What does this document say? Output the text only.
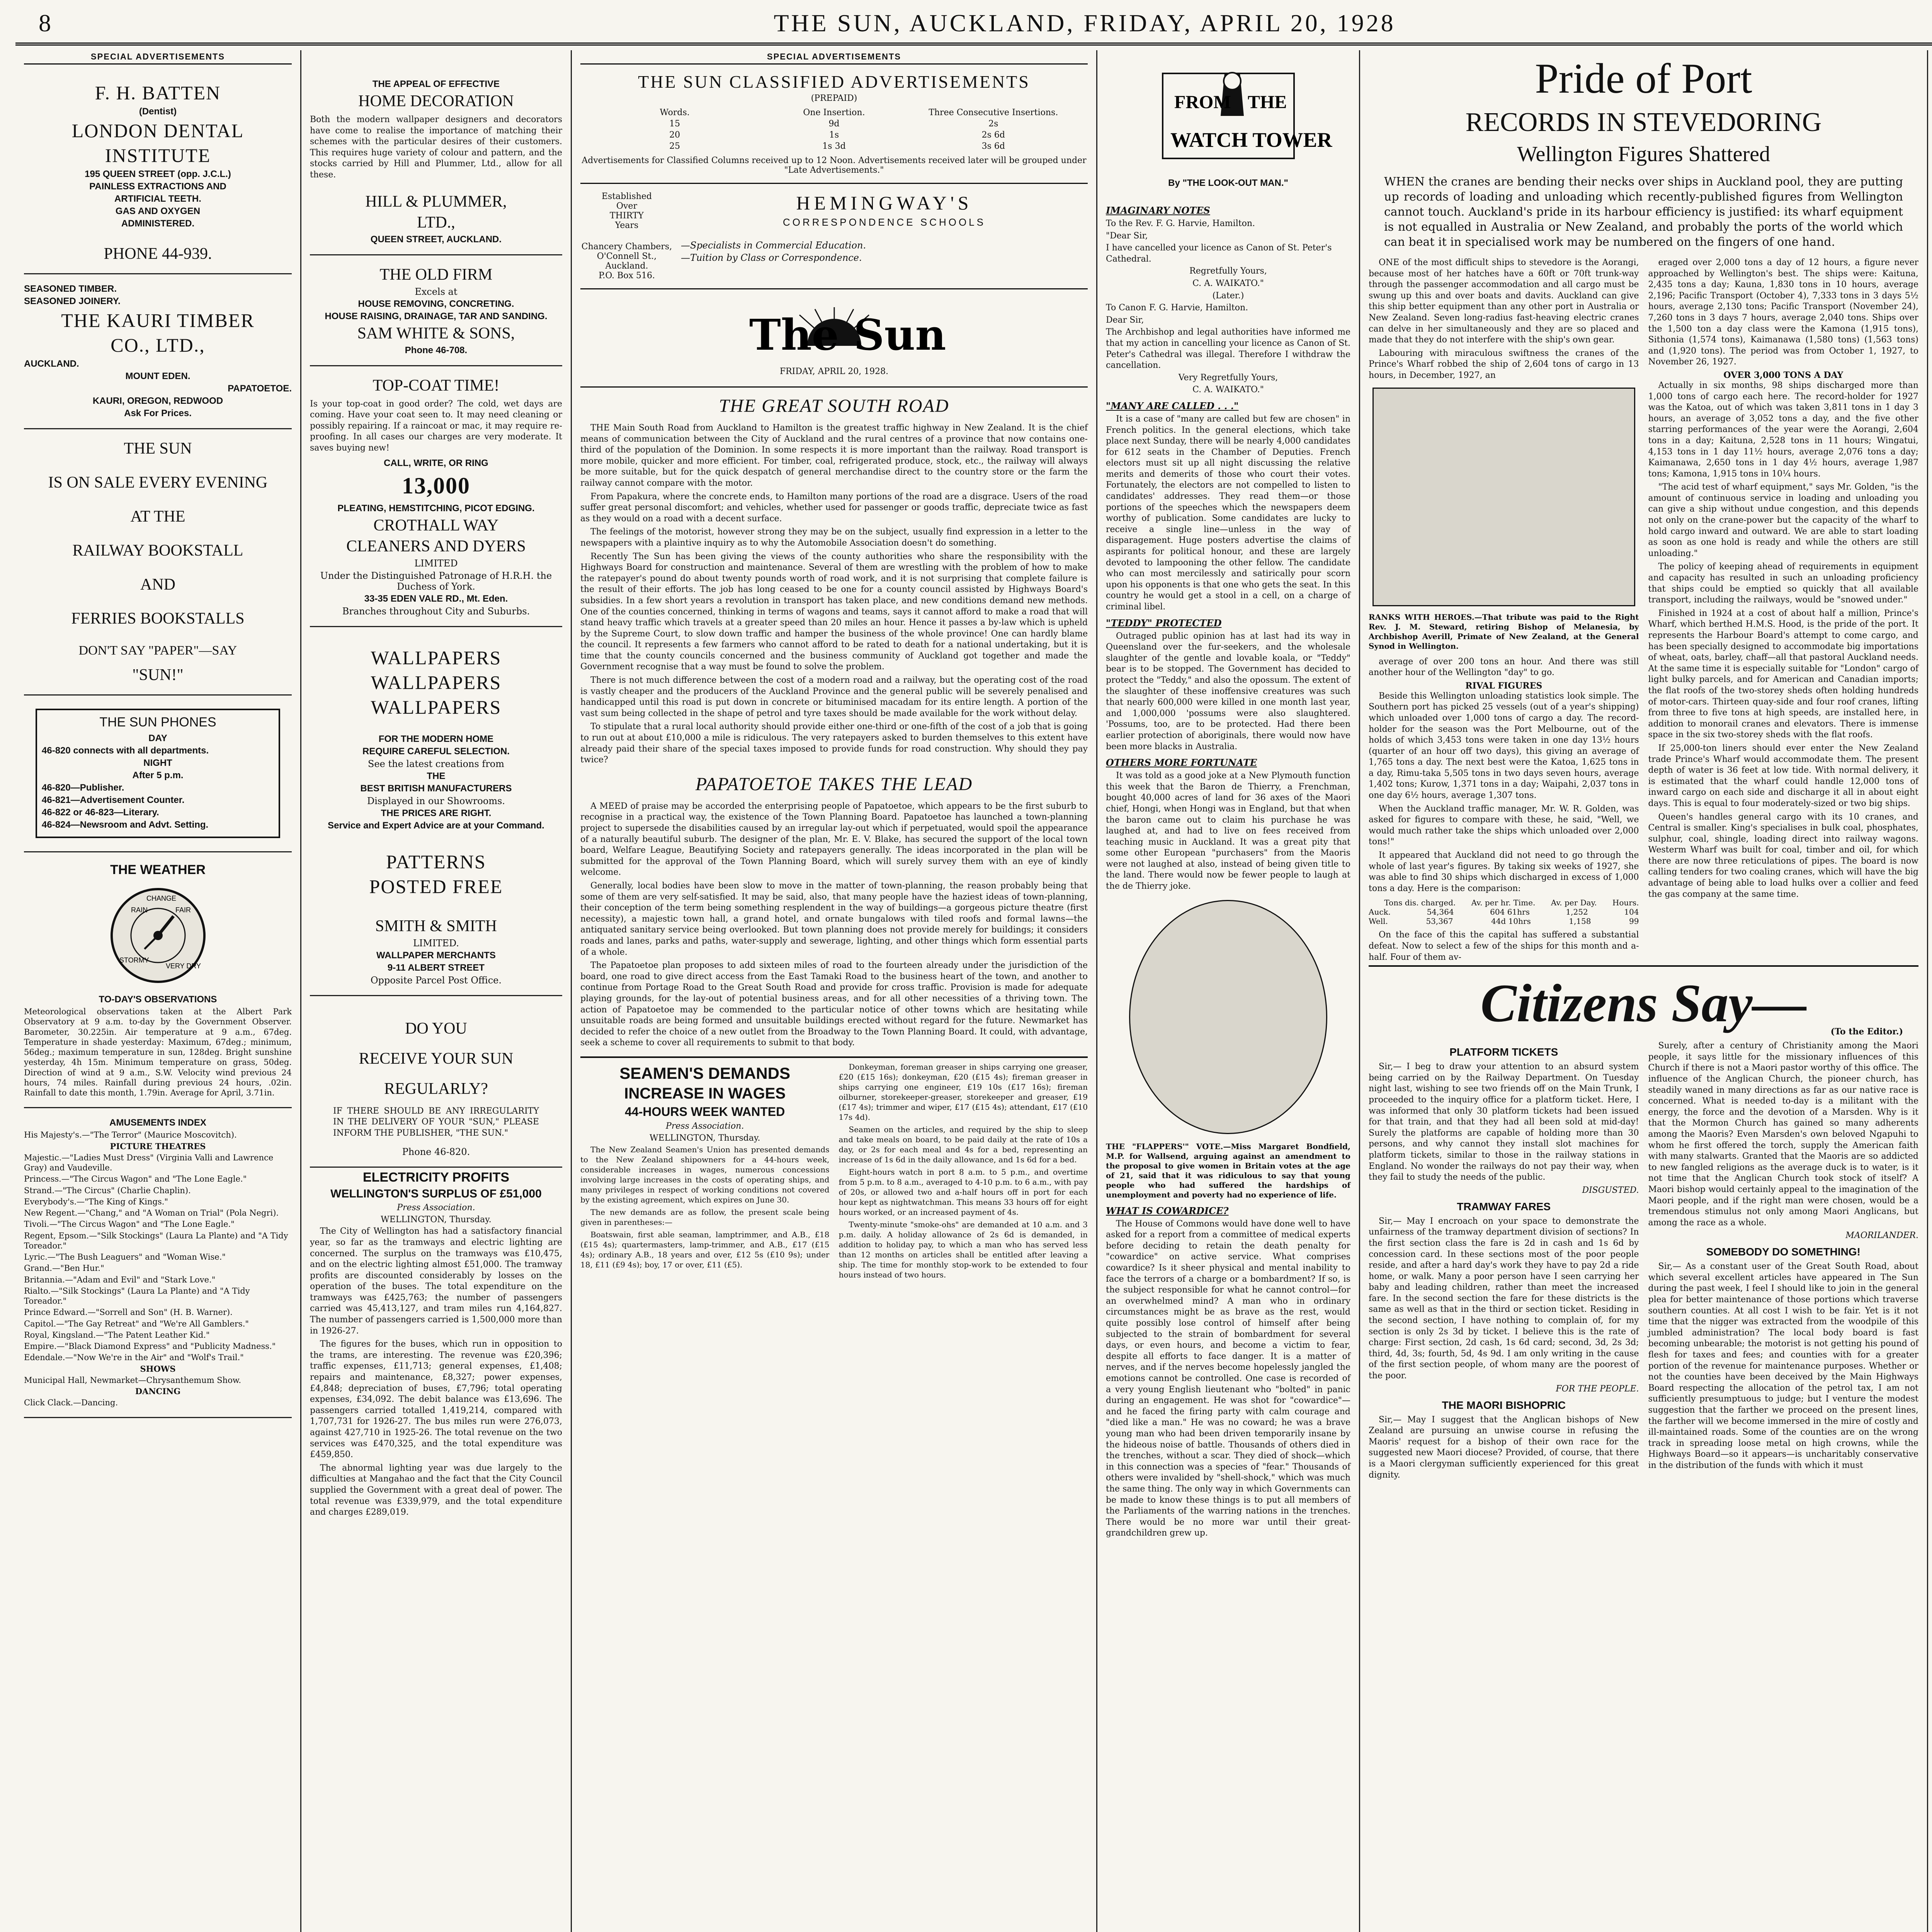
8	THE SUN, AUCKLAND, FRIDAY, APRIL 20, 1928
SPECIAL ADVERTISEMENTS
F. H. BATTEN
(Dentist)
LONDON DENTAL
INSTITUTE
195 QUEEN STREET (opp. J.C.L.)
PAINLESS EXTRACTIONS AND
ARTIFICIAL TEETH.
GAS AND OXYGEN
ADMINISTERED.
PHONE 44-939.
SEASONED TIMBER.
SEASONED JOINERY.
THE KAURI TIMBER
CO., LTD.,
AUCKLAND.
MOUNT EDEN.
PAPATOETOE.
KAURI, OREGON, REDWOOD
Ask For Prices.
THE SUN
IS ON SALE EVERY EVENING
AT THE
RAILWAY BOOKSTALL
AND
FERRIES BOOKSTALLS
DON'T SAY "PAPER"—SAY
"SUN!"
THE SUN PHONES
DAY
46-820 connects with all departments.
NIGHT
After 5 p.m.
46-820—Publisher.
46-821—Advertisement Counter.
46-822 or 46-823—Literary.
46-824—Newsroom and Advt. Setting.
THE WEATHER
RAIN
CHANGE
FAIR
STORMY
VERY DRY
TO-DAY'S OBSERVATIONS

Meteorological observations taken at the Albert Park Observatory at 9 a.m. to-day by the Government Observer. Barometer, 30.225in. Air temperature at 9 a.m., 67deg. Temperature in shade yesterday: Maximum, 67deg.; minimum, 56deg.; maximum temperature in sun, 128deg. Bright sunshine yesterday, 4h 15m. Minimum temperature on grass, 50deg. Direction of wind at 9 a.m., S.W. Velocity wind previous 24 hours, 74 miles. Rainfall during previous 24 hours, .02in. Rainfall to date this month, 1.79in. Average for April, 3.71in.

AMUSEMENTS INDEX

His Majesty's.—"The Terror" (Maurice Moscovitch).

PICTURE THEATRES

Majestic.—"Ladies Must Dress" (Virginia Valli and Lawrence Gray) and Vaudeville.

Princess.—"The Circus Wagon" and "The Lone Eagle."

Strand.—"The Circus" (Charlie Chaplin).

Everybody's.—"The King of Kings."

New Regent.—"Chang," and "A Woman on Trial" (Pola Negri).

Tivoli.—"The Circus Wagon" and "The Lone Eagle."

Regent, Epsom.—"Silk Stockings" (Laura La Plante) and "A Tidy Toreador."

Lyric.—"The Bush Leaguers" and "Woman Wise."

Grand.—"Ben Hur."

Britannia.—"Adam and Evil" and "Stark Love."

Rialto.—"Silk Stockings" (Laura La Plante) and "A Tidy Toreador."

Prince Edward.—"Sorrell and Son" (H. B. Warner).

Capitol.—"The Gay Retreat" and "We're All Gamblers."

Royal, Kingsland.—"The Patent Leather Kid."

Empire.—"Black Diamond Express" and "Publicity Madness."

Edendale.—"Now We're in the Air" and "Wolf's Trail."

SHOWS

Municipal Hall, Newmarket—Chrysanthemum Show.

DANCING

Click Clack.—Dancing.

THE APPEAL OF EFFECTIVE
HOME DECORATION
Both the modern wallpaper designers and decorators have come to realise the importance of matching their schemes with the particular desires of their customers. This requires huge variety of colour and pattern, and the stocks carried by Hill and Plummer, Ltd., allow for all these.
HILL & PLUMMER,
LTD.,
QUEEN STREET, AUCKLAND.
THE OLD FIRM
Excels at
HOUSE REMOVING, CONCRETING.
HOUSE RAISING, DRAINAGE, TAR AND SANDING.
SAM WHITE & SONS,
Phone 46-708.
TOP-COAT TIME!
Is your top-coat in good order? The cold, wet days are coming. Have your coat seen to. It may need cleaning or possibly repairing. If a raincoat or mac, it may require re-proofing. In all cases our charges are very moderate. It saves buying new!
CALL, WRITE, OR RING
13,000
PLEATING, HEMSTITCHING, PICOT EDGING.
CROTHALL WAY
CLEANERS AND DYERS
LIMITED
Under the Distinguished Patronage of H.R.H. the Duchess of York.
33-35 EDEN VALE RD., Mt. Eden.
Branches throughout City and Suburbs.
WALLPAPERS
WALLPAPERS
WALLPAPERS
FOR THE MODERN HOME
REQUIRE CAREFUL SELECTION.
See the latest creations from
THE
BEST BRITISH MANUFACTURERS
Displayed in our Showrooms.
THE PRICES ARE RIGHT.
Service and Expert Advice are at your Command.
PATTERNS
POSTED FREE
SMITH & SMITH
LIMITED.
WALLPAPER MERCHANTS
9-11 ALBERT STREET
Opposite Parcel Post Office.
DO YOU
RECEIVE YOUR SUN
REGULARLY?
IF THERE SHOULD BE ANY IRREGULARITY IN THE DELIVERY OF YOUR "SUN," PLEASE INFORM THE PUBLISHER, "THE SUN."
Phone 46-820.
ELECTRICITY PROFITS
WELLINGTON'S SURPLUS OF £51,000
Press Association.
WELLINGTON, Thursday.

The City of Wellington has had a satisfactory financial year, so far as the tramways and electric lighting are concerned. The surplus on the tramways was £10,475, and on the electric lighting almost £51,000. The tramway profits are discounted considerably by losses on the operation of the buses. The total expenditure on the tramways was £425,763; the number of passengers carried was 45,413,127, and tram miles run 4,164,827. The number of passengers carried is 1,500,000 more than in 1926-27.

The figures for the buses, which run in opposition to the trams, are interesting. The revenue was £20,396; traffic expenses, £11,713; general expenses, £1,408; repairs and maintenance, £8,327; power expenses, £4,848; depreciation of buses, £7,796; total operating expenses, £34,092. The debit balance was £13,696. The passengers carried totalled 1,419,214, compared with 1,707,731 for 1926-27. The bus miles run were 276,073, against 427,710 in 1925-26. The total revenue on the two services was £470,325, and the total expenditure was £459,850.

The abnormal lighting year was due largely to the difficulties at Mangahao and the fact that the City Council supplied the Government with a great deal of power. The total revenue was £339,979, and the total expenditure and charges £289,019.

SPECIAL ADVERTISEMENTS
THE SUN CLASSIFIED ADVERTISEMENTS
(PREPAID)
Words.	One Insertion.	Three Consecutive Insertions.
15	9d	2s
20	1s	2s 6d
25	1s 3d	3s 6d
Advertisements for Classified Columns received up to 12 Noon. Advertisements received later will be grouped under "Late Advertisements."
Established
Over
THIRTY
Years
Chancery Chambers,
O'Connell St.,
Auckland.
P.O. Box 516.
HEMINGWAY'S
CORRESPONDENCE SCHOOLS
—Specialists in Commercial Education.
—Tuition by Class or Correspondence.
The Sun
FRIDAY, APRIL 20, 1928.
THE GREAT SOUTH ROAD

THE Main South Road from Auckland to Hamilton is the greatest traffic highway in New Zealand. It is the chief means of communication between the City of Auckland and the rural centres of a province that now contains one-third of the population of the Dominion. In some respects it is more important than the railway. Road transport is more mobile, quicker and more efficient. For timber, coal, refrigerated produce, stock, etc., the railway will always be more suitable, but for the quick despatch of general merchandise direct to the country store or the farm the railway cannot compare with the motor.

From Papakura, where the concrete ends, to Hamilton many portions of the road are a disgrace. Users of the road suffer great personal discomfort; and vehicles, whether used for passenger or goods traffic, depreciate twice as fast as they would on a road with a decent surface.

The feelings of the motorist, however strong they may be on the subject, usually find expression in a letter to the newspapers with a plaintive inquiry as to why the Automobile Association doesn't do something.

Recently The Sun has been giving the views of the county authorities who share the responsibility with the Highways Board for construction and maintenance. Several of them are wrestling with the problem of how to make the ratepayer's pound do about twenty pounds worth of road work, and it is not surprising that complete failure is the result of their efforts. The job has long ceased to be one for a county council assisted by Highways Board's subsidies. In a few short years a revolution in transport has taken place, and new conditions demand new methods. One of the counties concerned, thinking in terms of wagons and teams, says it cannot afford to make a road that will stand heavy traffic which travels at a greater speed than 20 miles an hour. Hence it passes a by-law which is upheld by the Supreme Court, to slow down traffic and hamper the business of the whole province! One can hardly blame the council. It represents a few farmers who cannot afford to be rated to death for a national undertaking, but it is time that the county councils concerned and the business community of Auckland got together and made the Government recognise that a way must be found to solve the problem.

There is not much difference between the cost of a modern road and a railway, but the operating cost of the road is vastly cheaper and the producers of the Auckland Province and the general public will be severely penalised and handicapped until this road is put down in concrete or bituminised macadam for its entire length. A portion of the vast sum being collected in the shape of petrol and tyre taxes should be made available for the work without delay.

To stipulate that a rural local authority should provide either one-third or one-fifth of the cost of a job that is going to run out at about £10,000 a mile is ridiculous. The very ratepayers asked to burden themselves to this extent have already paid their share of the special taxes imposed to provide funds for road construction. Why should they pay twice?

PAPATOETOE TAKES THE LEAD

A MEED of praise may be accorded the enterprising people of Papatoetoe, which appears to be the first suburb to recognise in a practical way, the existence of the Town Planning Board. Papatoetoe has launched a town-planning project to supersede the disabilities caused by an irregular lay-out which if perpetuated, would spoil the appearance of a naturally beautiful suburb. The designer of the plan, Mr. E. V. Blake, has secured the support of the local town board, Welfare League, Beautifying Society and ratepayers generally. The ideas incorporated in the plan will be submitted for the approval of the Town Planning Board, which will surely survey them with an eye of kindly welcome.

Generally, local bodies have been slow to move in the matter of town-planning, the reason probably being that some of them are very self-satisfied. It may be said, also, that many people have the haziest ideas of town-planning, their conception of the term being something resplendent in the way of buildings—a gorgeous picture theatre (first necessity), a majestic town hall, a grand hotel, and ornate bungalows with tiled roofs and formal lawns—the antiquated sanitary service being overlooked. But town planning does not provide merely for buildings; it considers roads and lanes, parks and paths, water-supply and sewerage, lighting, and other things which form essential parts of a whole.

The Papatoetoe plan proposes to add sixteen miles of road to the fourteen already under the jurisdiction of the board, one road to give direct access from the East Tamaki Road to the business heart of the town, and another to continue from Portage Road to the Great South Road and provide for cross traffic. Provision is made for adequate playing grounds, for the lay-out of potential business areas, and for all other necessities of a thriving town. The action of Papatoetoe may be commended to the particular notice of other towns which are hesitating while unsuitable roads are being formed and unsuitable buildings erected without regard for the future. Newmarket has decided to refer the choice of a new outlet from the Broadway to the Town Planning Board. It could, with advantage, seek a scheme to cover all requirements to submit to that body.

SEAMEN'S DEMANDS
INCREASE IN WAGES
44-HOURS WEEK WANTED
Press Association.
WELLINGTON, Thursday.

The New Zealand Seamen's Union has presented demands to the New Zealand shipowners for a 44-hours week, considerable increases in wages, numerous concessions involving large increases in the costs of operating ships, and many privileges in respect of working conditions not covered by the existing agreement, which expires on June 30.

The new demands are as follow, the present scale being given in parentheses:—

Boatswain, first able seaman, lamptrimmer, and A.B., £18 (£15 4s); quartermasters, lamp-trimmer, and A.B., £17 (£15 4s); ordinary A.B., 18 years and over, £12 5s (£10 9s); under 18, £11 (£9 4s); boy, 17 or over, £11 (£5).

Donkeyman, foreman greaser in ships carrying one greaser, £20 (£15 16s); donkeyman, £20 (£15 4s); fireman greaser in ships carrying one engineer, £19 10s (£17 16s); fireman oilburner, storekeeper-greaser, storekeeper and greaser, £19 (£17 4s); trimmer and wiper, £17 (£15 4s); attendant, £17 (£10 17s 4d).

Seamen on the articles, and required by the ship to sleep and take meals on board, to be paid daily at the rate of 10s a day, or 2s for each meal and 4s for a bed, representing an increase of 1s 6d in the daily allowance, and 1s 6d for a bed.

Eight-hours watch in port 8 a.m. to 5 p.m., and overtime from 5 p.m. to 8 a.m., averaged to 4-10 p.m. to 6 a.m., with pay of 20s, or allowed two and a-half hours off in port for each hour kept as nightwatchman. This means 33 hours off for eight hours worked, or an increased payment of 4s.

Twenty-minute "smoke-ohs" are demanded at 10 a.m. and 3 p.m. daily. A holiday allowance of 2s 6d is demanded, in addition to holiday pay, to which a man who has served less than 12 months on articles shall be entitled after leaving a ship. The time for monthly stop-work to be extended to four hours instead of two hours.

FROM THE
WATCH TOWER
By "THE LOOK-OUT MAN."
IMAGINARY NOTES

To the Rev. F. G. Harvie, Hamilton.

"Dear Sir,

I have cancelled your licence as Canon of St. Peter's Cathedral.

Regretfully Yours,

C. A. WAIKATO."

(Later.)

To Canon F. G. Harvie, Hamilton.

Dear Sir,

The Archbishop and legal authorities have informed me that my action in cancelling your licence as Canon of St. Peter's Cathedral was illegal. Therefore I withdraw the cancellation.

Very Regretfully Yours,

C. A. WAIKATO."

"MANY ARE CALLED . . ."

It is a case of "many are called but few are chosen" in French politics. In the general elections, which take place next Sunday, there will be nearly 4,000 candidates for 612 seats in the Chamber of Deputies. French electors must sit up all night discussing the relative merits and demerits of those who court their votes. Fortunately, the electors are not compelled to listen to candidates' addresses. They read them—or those portions of the speeches which the newspapers deem worthy of publication. Some candidates are lucky to receive a single line—unless in the way of disparagement. Huge posters advertise the claims of aspirants for political honour, and these are largely devoted to lampooning the other fellow. The candidate who can most mercilessly and satirically pour scorn upon his opponents is that one who gets the seat. In this country he would get a stool in a cell, on a charge of criminal libel.

"TEDDY" PROTECTED

Outraged public opinion has at last had its way in Queensland over the fur-seekers, and the wholesale slaughter of the gentle and lovable koala, or "Teddy" bear is to be stopped. The Government has decided to protect the "Teddy," and also the opossum. The extent of the slaughter of these inoffensive creatures was such that nearly 600,000 were killed in one month last year, and 1,000,000 'possums were also slaughtered. 'Possums, too, are to be protected. Had there been earlier protection of aboriginals, there would now have been more blacks in Australia.

OTHERS MORE FORTUNATE

It was told as a good joke at a New Plymouth function this week that the Baron de Thierry, a Frenchman, bought 40,000 acres of land for 36 axes of the Maori chief, Hongi, when Hongi was in England, but that when the baron came out to claim his purchase he was laughed at, and had to live on fees received from teaching music in Auckland. It was a great pity that some other European "purchasers" from the Maoris were not laughed at also, instead of being given title to the land. There would now be fewer people to laugh at the de Thierry joke.

THE "FLAPPERS'" VOTE.—Miss Margaret Bondfield, M.P. for Wallsend, arguing against an amendment to the proposal to give women in Britain votes at the age of 21, said that it was ridiculous to say that young people who had suffered the hardships of unemployment and poverty had no experience of life.
WHAT IS COWARDICE?

The House of Commons would have done well to have asked for a report from a committee of medical experts before deciding to retain the death penalty for "cowardice" on active service. What comprises cowardice? Is it sheer physical and mental inability to face the terrors of a charge or a bombardment? If so, is the subject responsible for what he cannot control—for an overwhelmed mind? A man who in ordinary circumstances might be as brave as the rest, would quite possibly lose control of himself after being subjected to the strain of bombardment for several days, or even hours, and become a victim to fear, despite all efforts to face danger. It is a matter of nerves, and if the nerves become hopelessly jangled the emotions cannot be controlled. One case is recorded of a very young English lieutenant who "bolted" in panic during an engagement. He was shot for "cowardice"—and he faced the firing party with calm courage and "died like a man." He was no coward; he was a brave young man who had been driven temporarily insane by the hideous noise of battle. Thousands of others died in the trenches, without a scar. They died of shock—which in this connection was a species of "fear." Thousands of others were invalided by "shell-shock," which was much the same thing. The only way in which Governments can be made to know these things is to put all members of the Parliaments of the warring nations in the trenches. There would be no more war until their great-grandchildren grew up.

Pride of Port
RECORDS IN STEVEDORING
Wellington Figures Shattered
WHEN the cranes are bending their necks over ships in Auckland pool, they are putting up records of loading and unloading which recently-published figures from Wellington cannot touch. Auckland's pride in its harbour efficiency is justified: its wharf equipment is not equalled in Australia or New Zealand, and probably the ports of the world which can beat it in specialised work may be numbered on the fingers of one hand.

ONE of the most difficult ships to stevedore is the Aorangi, because most of her hatches have a 60ft or 70ft trunk-way through the passenger accommodation and all cargo must be swung up this and over boats and davits. Auckland can give this ship better equipment than any other port in Australia or New Zealand. Seven long-radius fast-heaving electric cranes can delve in her simultaneously and they are so placed and made that they do not interfere with the ship's own gear.

Labouring with miraculous swiftness the cranes of the Prince's Wharf robbed the ship of 2,604 tons of cargo in 13 hours, in December, 1927, an

RANKS WITH HEROES.—That tribute was paid to the Right Rev. J. M. Steward, retiring Bishop of Melanesia, by Archbishop Averill, Primate of New Zealand, at the General Synod in Wellington.

average of over 200 tons an hour. And there was still another hour of the Wellington "day" to go.

RIVAL FIGURES

Beside this Wellington unloading statistics look simple. The Southern port has picked 25 vessels (out of a year's shipping) which unloaded over 1,000 tons of cargo a day. The record-holder for the season was the Port Melbourne, out of the holds of which 3,453 tons were taken in one day 13½ hours (quarter of an hour off two days), this giving an average of 1,765 tons a day. The next best were the Katoa, 1,625 tons in a day, Rimu-taka 5,505 tons in two days seven hours, average 1,402 tons; Kurow, 1,371 tons in a day; Waipahi, 2,037 tons in one day 6½ hours, average 1,307 tons.

When the Auckland traffic manager, Mr. W. R. Golden, was asked for figures to compare with these, he said, "Well, we would much rather take the ships which unloaded over 2,000 tons!"

It appeared that Auckland did not need to go through the whole of last year's figures. By taking six weeks of 1927, she was able to find 30 ships which discharged in excess of 1,000 tons a day. Here is the comparison:

Tons dis. charged. Av. per hr. Time. Av. per Day. Hours.
Auck.	54,364	604 61hrs	1,252	104
Well.	53,367	44d 10hrs	1,158	99

On the face of this the capital has suffered a substantial defeat. Now to select a few of the ships for this month and a-half. Four of them av-

eraged over 2,000 tons a day of 12 hours, a figure never approached by Wellington's best. The ships were: Kaituna, 2,435 tons a day; Kauna, 1,830 tons in 10 hours, average 2,196; Pacific Transport (October 4), 7,333 tons in 3 days 5½ hours, average 2,130 tons; Pacific Transport (November 24), 7,260 tons in 3 days 7 hours, average 2,040 tons. Ships over the 1,500 ton a day class were the Kamona (1,915 tons), Sithonia (1,574 tons), Kaimanawa (1,580 tons) (1,563 tons) and (1,920 tons). The period was from October 1, 1927, to November 26, 1927.

OVER 3,000 TONS A DAY

Actually in six months, 98 ships discharged more than 1,000 tons of cargo each here. The record-holder for 1927 was the Katoa, out of which was taken 3,811 tons in 1 day 3 hours, an average of 3,052 tons a day, and the five other starring performances of the year were the Aorangi, 2,604 tons in a day; Kaituna, 2,528 tons in 11 hours; Wingatui, 4,153 tons in 1 day 11½ hours, average 2,076 tons a day; Kaimanawa, 2,650 tons in 1 day 4½ hours, average 1,987 tons; Kamona, 1,915 tons in 10¼ hours.

"The acid test of wharf equipment," says Mr. Golden, "is the amount of continuous service in loading and unloading you can give a ship without undue congestion, and this depends not only on the crane-power but the capacity of the wharf to hold cargo inward and outward. We are able to start loading as soon as one hold is ready and while the others are still unloading."

The policy of keeping ahead of requirements in equipment and capacity has resulted in such an unloading proficiency that ships could be emptied so quickly that all available transport, including the railways, would be "snowed under."

Finished in 1924 at a cost of about half a million, Prince's Wharf, which berthed H.M.S. Hood, is the pride of the port. It represents the Harbour Board's attempt to come cargo, and has been specially designed to accommodate big importations of wheat, oats, barley, chaff—all that pastoral Auckland needs. At the same time it is especially suitable for "London" cargo of light bulky parcels, and for American and Canadian imports; the flat roofs of the two-storey sheds often holding hundreds of motor-cars. Thirteen quay-side and four roof cranes, lifting from three to five tons at high speeds, are installed here, in addition to monorail cranes and elevators. There is immense space in the six two-storey sheds with the flat roofs.

If 25,000-ton liners should ever enter the New Zealand trade Prince's Wharf would accommodate them. The present depth of water is 36 feet at low tide. With normal delivery, it is estimated that the wharf could handle 12,000 tons of inward cargo on each side and discharge it all in about eight days. This is equal to four moderately-sized or two big ships.

Queen's handles general cargo with its 10 cranes, and Central is smaller. King's specialises in bulk coal, phosphates, sulphur, coal, shingle, loading direct into railway wagons. Westerm Wharf was built for coal, timber and oil, for which there are now three reticulations of pipes. The board is now calling tenders for two coaling cranes, which will have the big advantage of being able to load hulks over a collier and feed the gas company at the same time.

Citizens Say—	(To the Editor.)
PLATFORM TICKETS

Sir,— I beg to draw your attention to an absurd system being carried on by the Railway Department. On Tuesday night last, wishing to see two friends off on the Main Trunk, I proceeded to the inquiry office for a platform ticket. Here, I was informed that only 30 platform tickets had been issued for that train, and that they had all been sold at mid-day! Surely the platforms are capable of holding more than 30 persons, and why cannot they install slot machines for platform tickets, similar to those in the railway stations in England. No wonder the railways do not pay their way, when they fail to study the needs of the public.

DISGUSTED.
TRAMWAY FARES

Sir,— May I encroach on your space to demonstrate the unfairness of the tramway department division of sections? In the first section class the fare is 2d in cash and 1s 6d by concession card. In these sections most of the poor people reside, and after a hard day's work they have to pay 2d a ride home, or walk. Many a poor person have I seen carrying her baby and leading children, rather than meet the increased fare. In the second section the fare for these districts is the same as well as that in the third or section ticket. Residing in the second section, I have nothing to complain of, for my section is only 2s 3d by ticket. I believe this is the rate of charge: First section, 2d cash, 1s 6d card; second, 3d, 2s 3d; third, 4d, 3s; fourth, 5d, 4s 9d. I am only writing in the cause of the first section people, of whom many are the poorest of the poor.

FOR THE PEOPLE.
THE MAORI BISHOPRIC

Sir,— May I suggest that the Anglican bishops of New Zealand are pursuing an unwise course in refusing the Maoris' request for a bishop of their own race for the suggested new Maori diocese? Provided, of course, that there is a Maori clergyman sufficiently experienced for this great dignity.

Surely, after a century of Christianity among the Maori people, it says little for the missionary influences of this Church if there is not a Maori pastor worthy of this office. The influence of the Anglican Church, the pioneer church, has steadily waned in many directions as far as our native race is concerned. What is needed to-day is a militant with the energy, the force and the devotion of a Marsden. Why is it that the Mormon Church has gained so many adherents among the Maoris? Even Marsden's own beloved Ngapuhi to whom he first offered the torch, supply the American faith with many stalwarts. Granted that the Maoris are so addicted to new fangled religions as the average duck is to water, is it not time that the Anglican Church took stock of itself? A Maori bishop would certainly appeal to the imagination of the Maori people, and if the right man were chosen, would be a tremendous stimulus not only among Maori Anglicans, but among the race as a whole.

MAORILANDER.
SOMEBODY DO SOMETHING!

Sir,— As a constant user of the Great South Road, about which several excellent articles have appeared in The Sun during the past week, I feel I should like to join in the general plea for better maintenance of those portions which traverse southern counties. At all cost I wish to be fair. Yet is it not time that the nigger was extracted from the woodpile of this jumbled administration? The local body board is fast becoming unbearable; the motorist is not getting his pound of flesh for taxes and fees; and counties with for a greater portion of the revenue for maintenance purposes. Whether or not the counties have been deceived by the Main Highways Board respecting the allocation of the petrol tax, I am not sufficiently presumptuous to judge; but I venture the modest suggestion that the farther we proceed on the present lines, the farther will we become immersed in the mire of costly and ill-maintained roads. Some of the counties are on the wrong track in spreading loose metal on high crowns, while the Highways Board—so it appears—is uncharitably conservative in the distribution of the funds with which it must
